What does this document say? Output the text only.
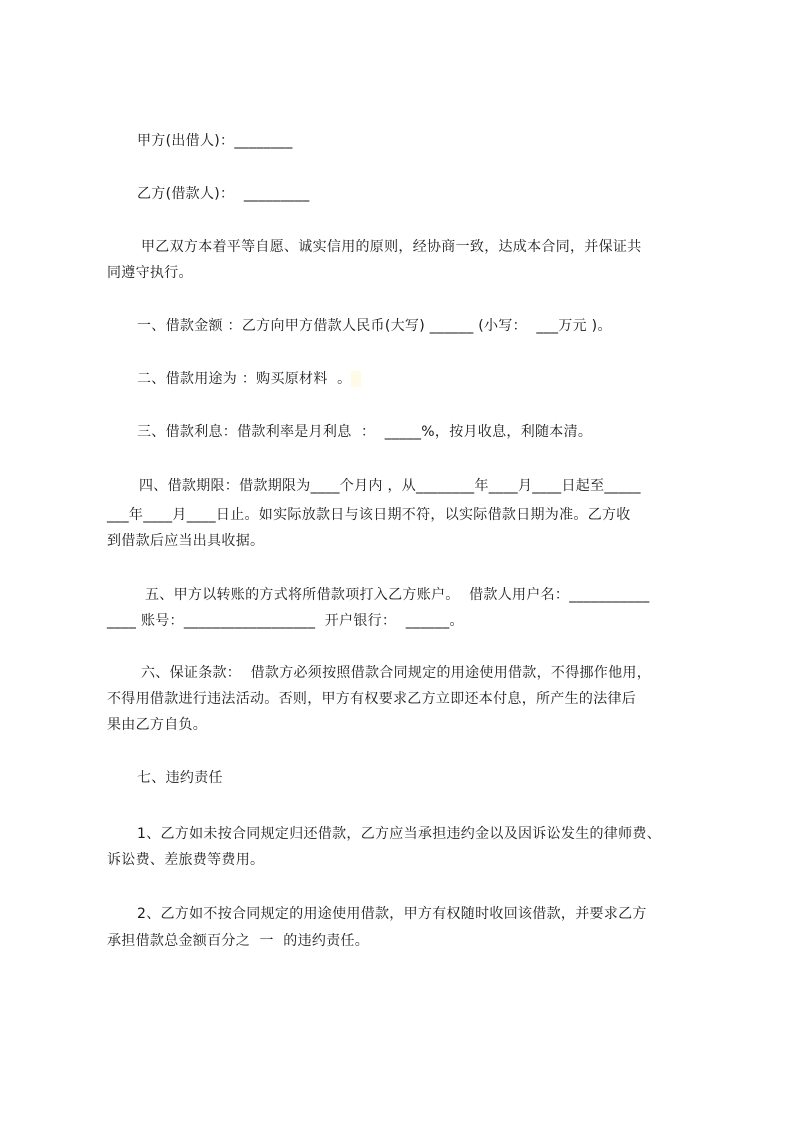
甲方(出借人)：________
乙方(借款人)：  _________
甲乙双方本着平等自愿、诚实信用的原则，经协商一致，达成本合同，并保证共
同遵守执行。
一、借款金额 ：乙方向甲方借款人民币(大写) ______ (小写：  ___万元 )。
二、借款用途为 ：购买原材料  。​
三、借款利息：借款利率是月利息  ：  _____%，按月收息，利随本清。
四、借款期限：借款期限为____个月内 ，从________年____月____日起至_____
___年____月____日止。如实际放款日与该日期不符，以实际借款日期为准。乙方收
到借款后应当出具收据。
五、甲方以转账的方式将所借款项打入乙方账户。  借款人用户名：___________
____ 账号：__________________  开户银行：  ______。
六、保证条款：  借款方必须按照借款合同规定的用途使用借款，不得挪作他用，
不得用借款进行违法活动。否则，甲方有权要求乙方立即还本付息，所产生的法律后
果由乙方自负。
七、违约责任
1、乙方如未按合同规定归还借款，乙方应当承担违约金以及因诉讼发生的律师费、
诉讼费、差旅费等费用。
2、乙方如不按合同规定的用途使用借款，甲方有权随时收回该借款，并要求乙方
承担借款总金额百分之  一  的违约责任。
